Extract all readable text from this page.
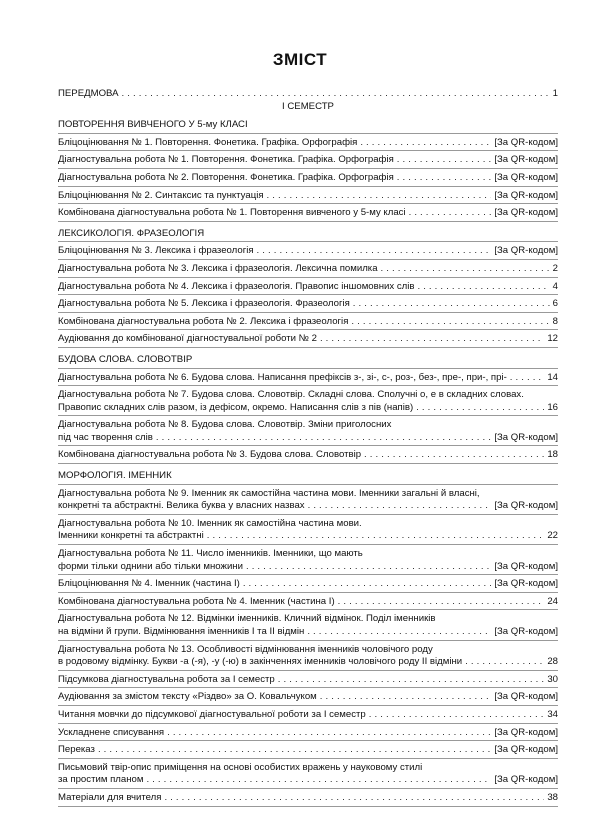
ЗМІСТ
ПЕРЕДМОВА . . .	1
І СЕМЕСТР
ПОВТОРЕННЯ ВИВЧЕНОГО У 5-му КЛАСІ
Бліцоцінювання № 1. Повторення. Фонетика. Графіка. Орфографія . . .	[За QR-кодом]
Діагностувальна робота № 1. Повторення. Фонетика. Графіка. Орфографія . . .	[За QR-кодом]
Діагностувальна робота № 2. Повторення. Фонетика. Графіка. Орфографія . . .	[За QR-кодом]
Бліцоцінювання № 2. Синтаксис та пунктуація . . .	[За QR-кодом]
Комбінована діагностувальна робота № 1. Повторення вивченого у 5-му класі . . .	[За QR-кодом]
ЛЕКСИКОЛОГІЯ. ФРАЗЕОЛОГІЯ
Бліцоцінювання № 3. Лексика і фразеологія . . .	[За QR-кодом]
Діагностувальна робота № 3. Лексика і фразеологія. Лексична помилка . . .	2
Діагностувальна робота № 4. Лексика і фразеологія. Правопис іншомовних слів . . .	4
Діагностувальна робота № 5. Лексика і фразеологія. Фразеологія . . .	6
Комбінована діагностувальна робота № 2. Лексика і фразеологія . . .	8
Аудіювання до комбінованої діагностувальної роботи № 2 . . .	12
БУДОВА СЛОВА. СЛОВОТВІР
Діагностувальна робота № 6. Будова слова. Написання префіксів з-, зі-, с-, роз-, без-, пре-, при-, прі- . . .	14
Діагностувальна робота № 7. Будова слова. Словотвір. Складні слова. Сполучні о, е в складних словах.
Правопис складних слів разом, із дефісом, окремо. Написання слів з пів (напів) . . .	16
Діагностувальна робота № 8. Будова слова. Словотвір. Зміни приголосних
під час творення слів . . .	[За QR-кодом]
Комбінована діагностувальна робота № 3. Будова слова. Словотвір . . .	18
МОРФОЛОГІЯ. ІМЕННИК
Діагностувальна робота № 9. Іменник як самостійна частина мови. Іменники загальні й власні,
конкретні та абстрактні. Велика буква у власних назвах . . .	[За QR-кодом]
Діагностувальна робота № 10. Іменник як самостійна частина мови.
Іменники конкретні та абстрактні . . .	22
Діагностувальна робота № 11. Число іменників. Іменники, що мають
форми тільки однини або тільки множини . . .	[За QR-кодом]
Бліцоцінювання № 4. Іменник (частина І) . . .	[За QR-кодом]
Комбінована діагностувальна робота № 4. Іменник (частина І) . . .	24
Діагностувальна робота № 12. Відмінки іменників. Кличний відмінок. Поділ іменників
на відміни й групи. Відмінювання іменників І та ІІ відмін . . .	[За QR-кодом]
Діагностувальна робота № 13. Особливості відмінювання іменників чоловічого роду
в родовому відмінку. Букви -а (-я), -у (-ю) в закінченнях іменників чоловічого роду ІІ відміни . . .	28
Підсумкова діагностувальна робота за І семестр . . .	30
Аудіювання за змістом тексту «Різдво» за О. Ковальчуком . . .	[За QR-кодом]
Читання мовчки до підсумкової діагностувальної роботи за І семестр . . .	34
Ускладнене списування . . .	[За QR-кодом]
Переказ . . .	[За QR-кодом]
Письмовий твір-опис приміщення на основі особистих вражень у науковому стилі
за простим планом . . .	[За QR-кодом]
Матеріали для вчителя . . .	38
